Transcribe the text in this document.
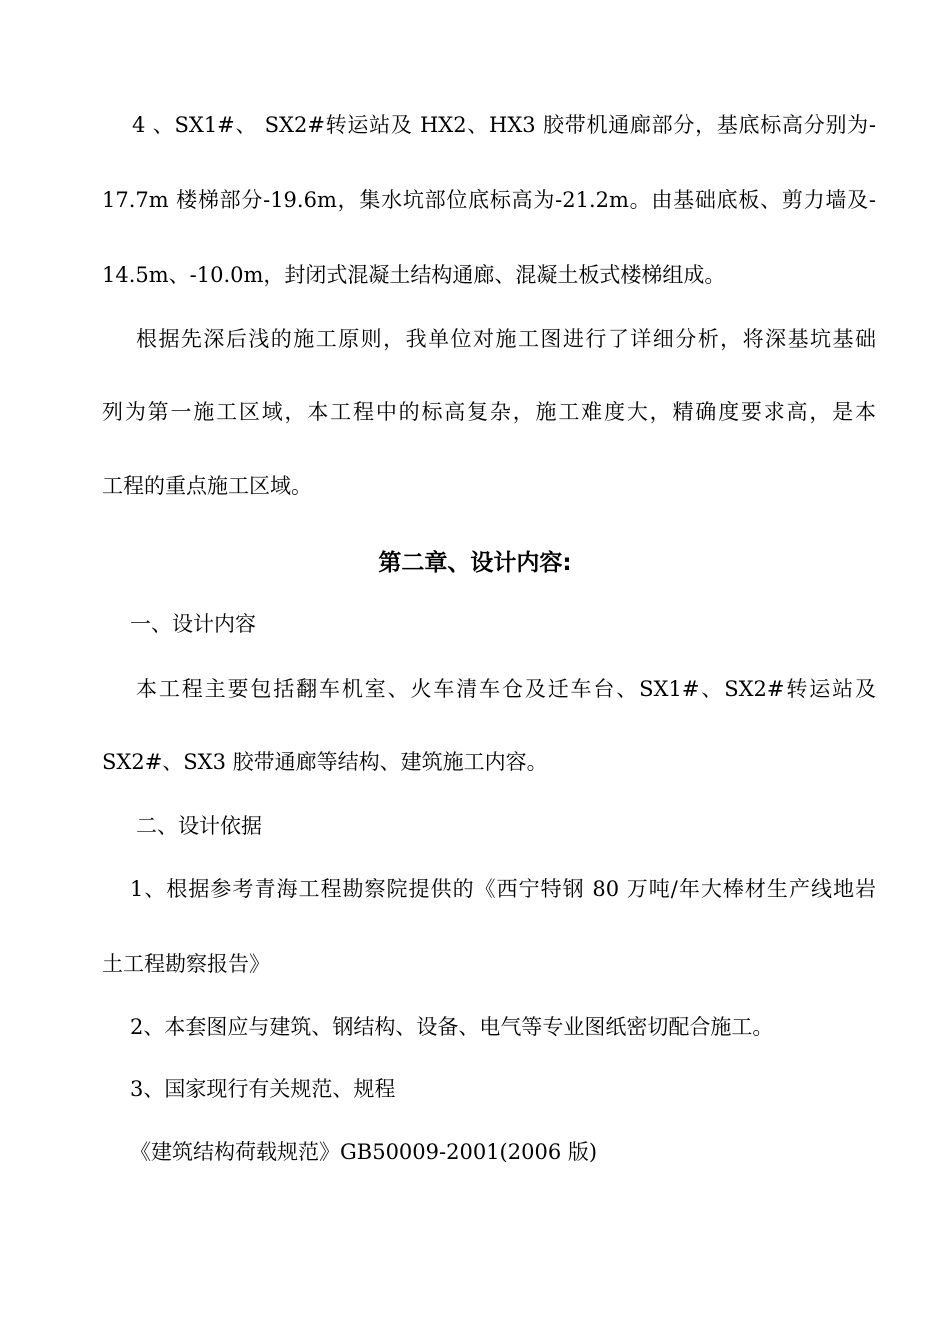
4 、SX1#、 SX2#转运站及 HX2、HX3 胶带机通廊部分，基底标高分别为-
17.7m 楼梯部分-19.6m，集水坑部位底标高为-21.2m。由基础底板、剪力墙及-
14.5m、-10.0m，封闭式混凝土结构通廊、混凝土板式楼梯组成。
根据先深后浅的施工原则，我单位对施工图进行了详细分析，将深基坑基础
列为第一施工区域，本工程中的标高复杂，施工难度大，精确度要求高，是本
工程的重点施工区域。
第二章、设计内容:
一、设计内容
本工程主要包括翻车机室、火车清车仓及迁车台、SX1#、SX2#转运站及
SX2#、SX3 胶带通廊等结构、建筑施工内容。
二、设计依据
1、根据参考青海工程勘察院提供的《西宁特钢 80 万吨/年大棒材生产线地岩
土工程勘察报告》
2、本套图应与建筑、钢结构、设备、电气等专业图纸密切配合施工。
3、国家现行有关规范、规程
《建筑结构荷载规范》GB50009-2001(2006 版)
